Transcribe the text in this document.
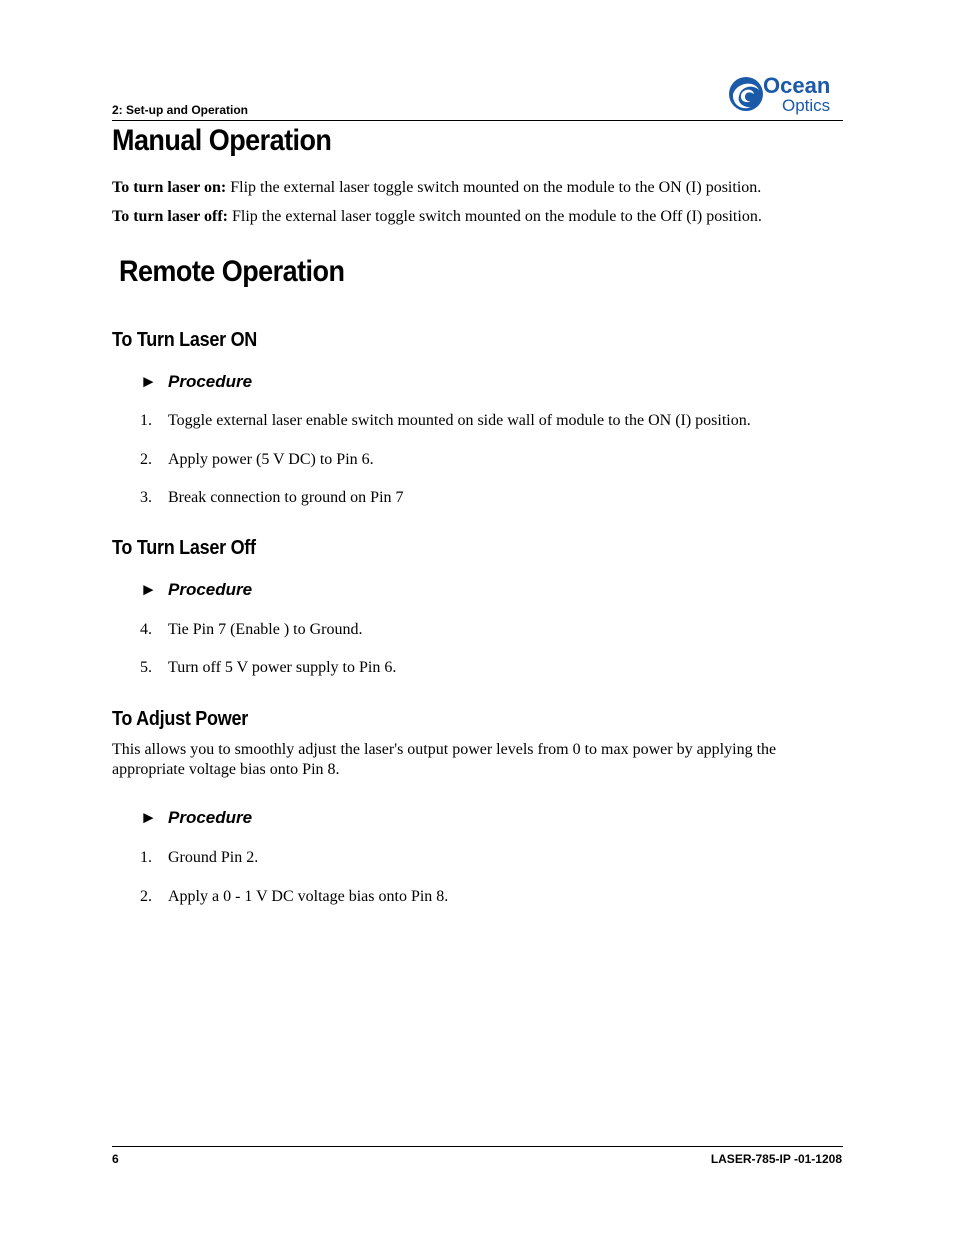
2: Set-up and Operation
Ocean
Optics
Manual Operation
To turn laser on: Flip the external laser toggle switch mounted on the module to the ON (I) position.
To turn laser off: Flip the external laser toggle switch mounted on the module to the Off (I) position.
Remote Operation
To Turn Laser ON
► Procedure
1. Toggle external laser enable switch mounted on side wall of module to the ON (I) position.
2. Apply power (5 V DC) to Pin 6.
3. Break connection to ground on Pin 7
To Turn Laser Off
► Procedure
4. Tie Pin 7 (Enable ) to Ground.
5. Turn off 5 V power supply to Pin 6.
To Adjust Power
This allows you to smoothly adjust the laser's output power levels from 0 to max power by applying the
appropriate voltage bias onto Pin 8.
► Procedure
1. Ground Pin 2.
2. Apply a 0 - 1 V DC voltage bias onto Pin 8.
6	LASER-785-IP -01-1208
